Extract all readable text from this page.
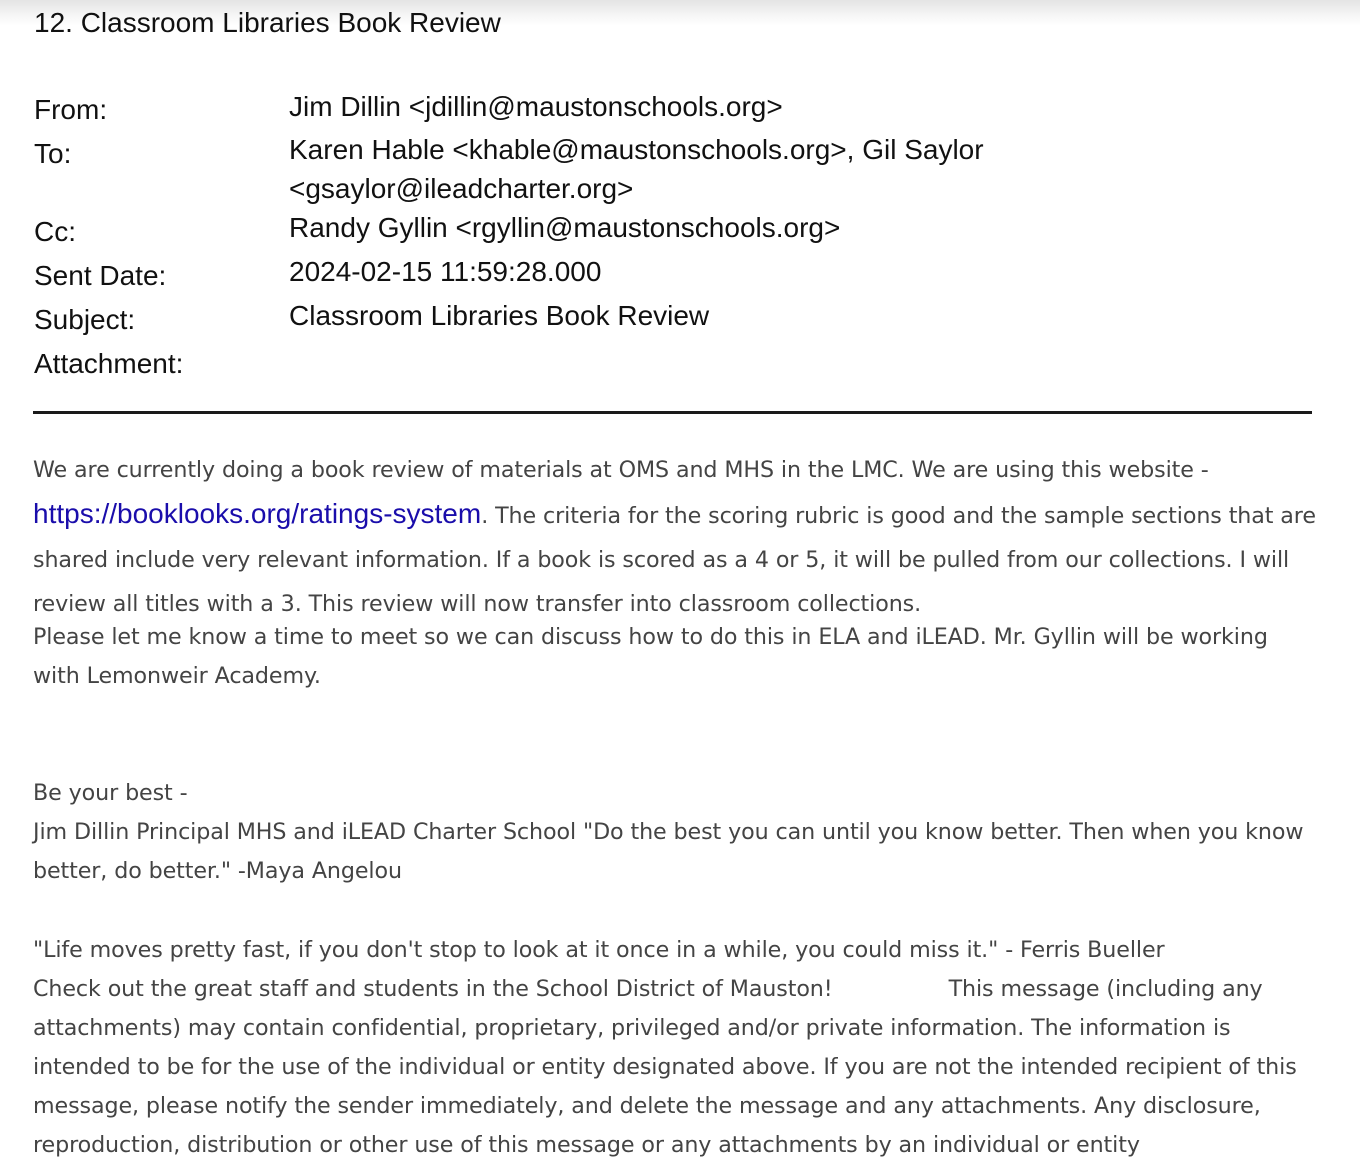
12. Classroom Libraries Book Review
From:	Jim Dillin <jdillin@maustonschools.org>
To:	Karen Hable <khable@maustonschools.org>, Gil Saylor <gsaylor@ileadcharter.org>
Cc:	Randy Gyllin <rgyllin@maustonschools.org>
Sent Date:	2024-02-15 11:59:28.000
Subject:	Classroom Libraries Book Review
Attachment:
We are currently doing a book review of materials at OMS and MHS in the LMC. We are using this website - https://booklooks.org/ratings-system. The criteria for the scoring rubric is good and the sample sections that are shared include very relevant information. If a book is scored as a 4 or 5, it will be pulled from our collections. I will review all titles with a 3. This review will now transfer into classroom collections.
Please let me know a time to meet so we can discuss how to do this in ELA and iLEAD. Mr. Gyllin will be working with Lemonweir Academy.
Be your best -
Jim Dillin Principal MHS and iLEAD Charter School "Do the best you can until you know better. Then when you know better, do better." -Maya Angelou
"Life moves pretty fast, if you don't stop to look at it once in a while, you could miss it." - Ferris Bueller
Check out the great staff and students in the School District of Mauston!	This message (including any attachments) may contain confidential, proprietary, privileged and/or private information. The information is intended to be for the use of the individual or entity designated above. If you are not the intended recipient of this message, please notify the sender immediately, and delete the message and any attachments. Any disclosure, reproduction, distribution or other use of this message or any attachments by an individual or entity
